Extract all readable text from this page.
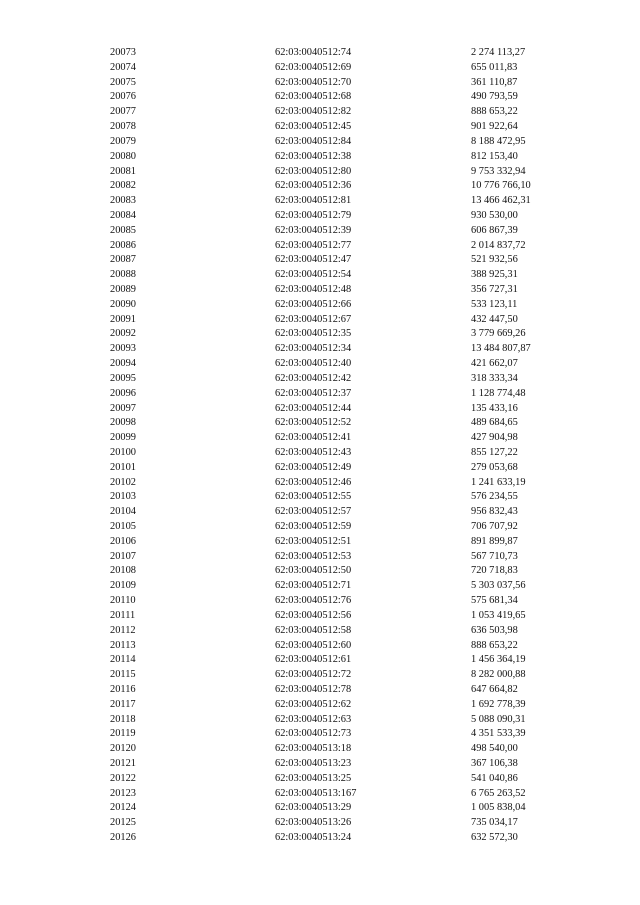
20073	62:03:0040512:74	2 274 113,27
20074	62:03:0040512:69	655 011,83
20075	62:03:0040512:70	361 110,87
20076	62:03:0040512:68	490 793,59
20077	62:03:0040512:82	888 653,22
20078	62:03:0040512:45	901 922,64
20079	62:03:0040512:84	8 188 472,95
20080	62:03:0040512:38	812 153,40
20081	62:03:0040512:80	9 753 332,94
20082	62:03:0040512:36	10 776 766,10
20083	62:03:0040512:81	13 466 462,31
20084	62:03:0040512:79	930 530,00
20085	62:03:0040512:39	606 867,39
20086	62:03:0040512:77	2 014 837,72
20087	62:03:0040512:47	521 932,56
20088	62:03:0040512:54	388 925,31
20089	62:03:0040512:48	356 727,31
20090	62:03:0040512:66	533 123,11
20091	62:03:0040512:67	432 447,50
20092	62:03:0040512:35	3 779 669,26
20093	62:03:0040512:34	13 484 807,87
20094	62:03:0040512:40	421 662,07
20095	62:03:0040512:42	318 333,34
20096	62:03:0040512:37	1 128 774,48
20097	62:03:0040512:44	135 433,16
20098	62:03:0040512:52	489 684,65
20099	62:03:0040512:41	427 904,98
20100	62:03:0040512:43	855 127,22
20101	62:03:0040512:49	279 053,68
20102	62:03:0040512:46	1 241 633,19
20103	62:03:0040512:55	576 234,55
20104	62:03:0040512:57	956 832,43
20105	62:03:0040512:59	706 707,92
20106	62:03:0040512:51	891 899,87
20107	62:03:0040512:53	567 710,73
20108	62:03:0040512:50	720 718,83
20109	62:03:0040512:71	5 303 037,56
20110	62:03:0040512:76	575 681,34
20111	62:03:0040512:56	1 053 419,65
20112	62:03:0040512:58	636 503,98
20113	62:03:0040512:60	888 653,22
20114	62:03:0040512:61	1 456 364,19
20115	62:03:0040512:72	8 282 000,88
20116	62:03:0040512:78	647 664,82
20117	62:03:0040512:62	1 692 778,39
20118	62:03:0040512:63	5 088 090,31
20119	62:03:0040512:73	4 351 533,39
20120	62:03:0040513:18	498 540,00
20121	62:03:0040513:23	367 106,38
20122	62:03:0040513:25	541 040,86
20123	62:03:0040513:167	6 765 263,52
20124	62:03:0040513:29	1 005 838,04
20125	62:03:0040513:26	735 034,17
20126	62:03:0040513:24	632 572,30
